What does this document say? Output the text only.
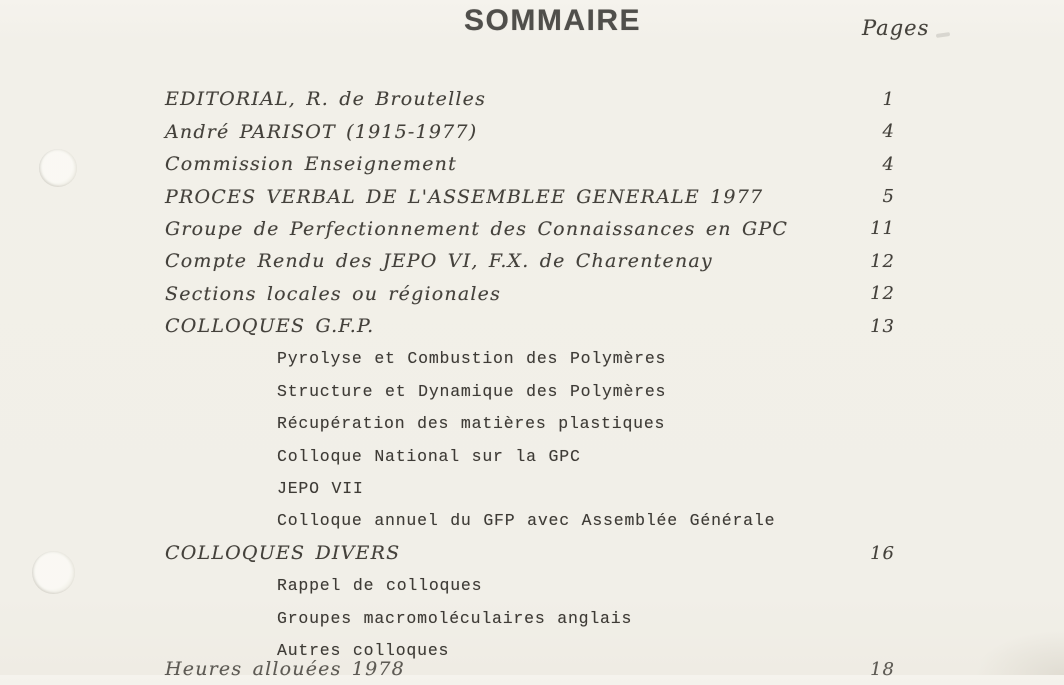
SOMMAIRE	Pages
EDITORIAL, R. de Broutelles	1
André PARISOT (1915-1977)	4
Commission Enseignement	4
PROCES VERBAL DE L'ASSEMBLEE GENERALE 1977	5
Groupe de Perfectionnement des Connaissances en GPC	11
Compte Rendu des JEPO VI, F.X. de Charentenay	12
Sections locales ou régionales	12
COLLOQUES G.F.P.	13
Pyrolyse et Combustion des Polymères
Structure et Dynamique des Polymères
Récupération des matières plastiques
Colloque National sur la GPC
JEPO VII
Colloque annuel du GFP avec Assemblée Générale
COLLOQUES DIVERS	16
Rappel de colloques
Groupes macromoléculaires anglais
Autres colloques
Heures allouées 1978	18
